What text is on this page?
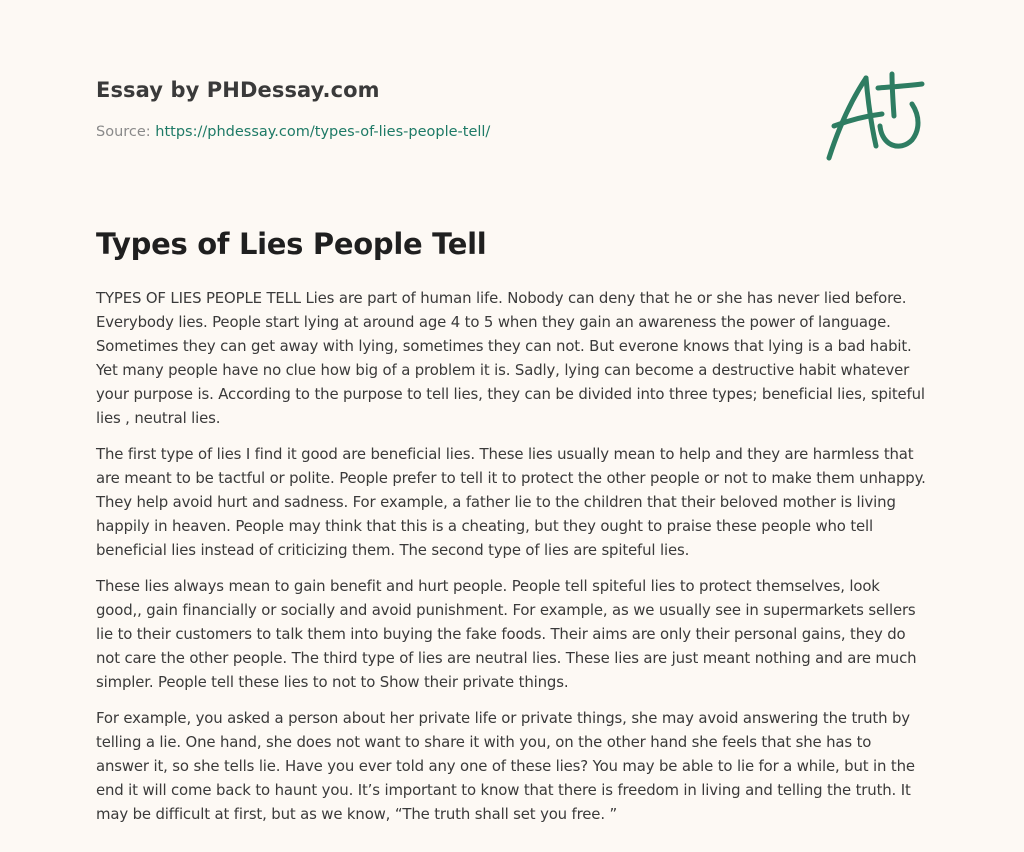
Essay by PHDessay.com
Source: https://phdessay.com/types-of-lies-people-tell/
Types of Lies People Tell

TYPES OF LIES PEOPLE TELL Lies are part of human life. Nobody can deny that he or she has never lied before. Everybody lies. People start lying at around age 4 to 5 when they gain an awareness the power of language. Sometimes they can get away with lying, sometimes they can not. But everone knows that lying is a bad habit. Yet many people have no clue how big of a problem it is. Sadly, lying can become a destructive habit whatever your purpose is. According to the purpose to tell lies, they can be divided into three types; beneficial lies, spiteful lies , neutral lies.

The first type of lies I find it good are beneficial lies. These lies usually mean to help and they are harmless that are meant to be tactful or polite. People prefer to tell it to protect the other people or not to make them unhappy. They help avoid hurt and sadness. For example, a father lie to the children that their beloved mother is living happily in heaven. People may think that this is a cheating, but they ought to praise these people who tell beneficial lies instead of criticizing them. The second type of lies are spiteful lies.

These lies always mean to gain benefit and hurt people. People tell spiteful lies to protect themselves, look good,, gain financially or socially and avoid punishment. For example, as we usually see in supermarkets sellers lie to their customers to talk them into buying the fake foods. Their aims are only their personal gains, they do not care the other people. The third type of lies are neutral lies. These lies are just meant nothing and are much simpler. People tell these lies to not to Show their private things.

For example, you asked a person about her private life or private things, she may avoid answering the truth by telling a lie. One hand, she does not want to share it with you, on the other hand she feels that she has to answer it, so she tells lie. Have you ever told any one of these lies? You may be able to lie for a while, but in the end it will come back to haunt you. It’s important to know that there is freedom in living and telling the truth. It may be difficult at first, but as we know, “The truth shall set you free. ”
